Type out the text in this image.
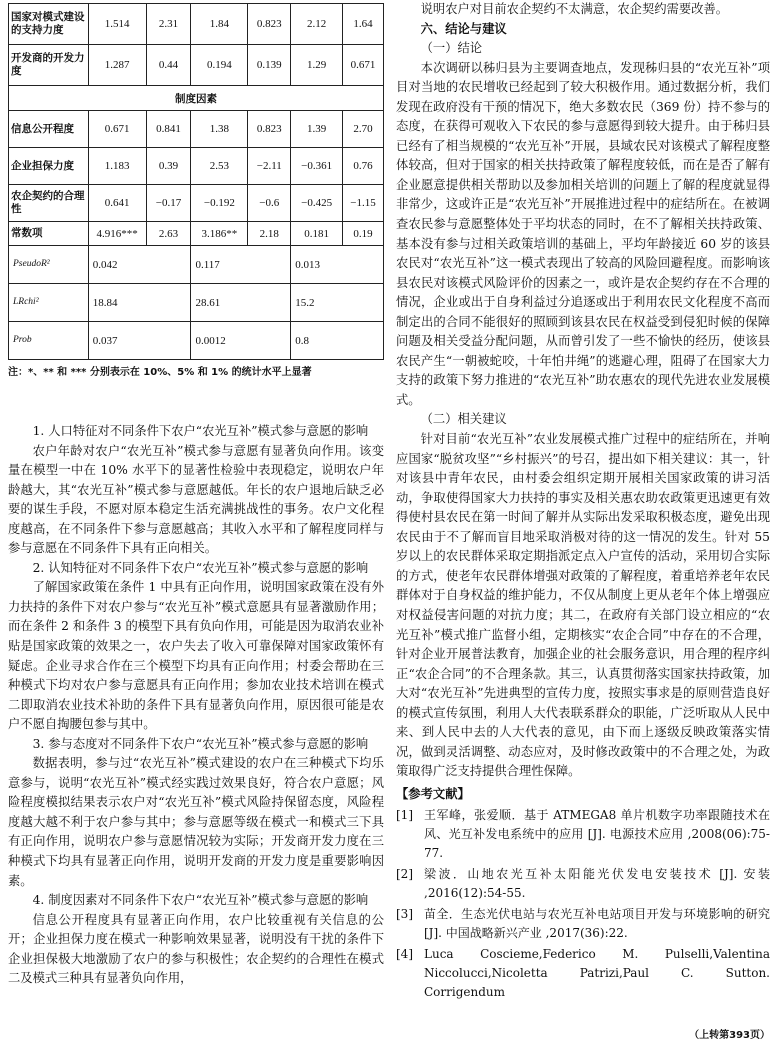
国家对模式建设的支持力度	1.514	2.31	1.84	0.823	2.12	1.64
开发商的开发力度	1.287	0.44	0.194	0.139	1.29	0.671
制度因素						
信息公开程度	0.671	0.841	1.38	0.823	1.39	2.70
企业担保力度	1.183	0.39	2.53	−2.11	−0.361	0.76
农企契约的合理性	0.641	−0.17	−0.192	−0.6	−0.425	−1.15
常数项	4.916***	2.63	3.186**	2.18	0.181	0.19
PseudoR²	0.042		0.117		0.013	
LRchi²	18.84		28.61		15.2	
Prob	0.037		0.0012		0.8	
注：*、** 和 *** 分别表示在 10%、5% 和 1% 的统计水平上显著

1. 人口特征对不同条件下农户“农光互补”模式参与意愿的影响

农户年龄对农户“农光互补”模式参与意愿有显著负向作用。该变量在模型一中在 10% 水平下的显著性检验中表现稳定，说明农户年龄越大，其“农光互补”模式参与意愿越低。年长的农户退地后缺乏必要的谋生手段，不愿对原本稳定生活充满挑战性的事务。农户文化程度越高，在不同条件下参与意愿越高；其收入水平和了解程度同样与参与意愿在不同条件下具有正向相关。

2. 认知特征对不同条件下农户“农光互补”模式参与意愿的影响

了解国家政策在条件 1 中具有正向作用，说明国家政策在没有外力扶持的条件下对农户参与“农光互补”模式意愿具有显著激励作用；而在条件 2 和条件 3 的模型下具有负向作用，可能是因为取消农业补贴是国家政策的效果之一，农户失去了收入可靠保障对国家政策怀有疑虑。企业寻求合作在三个模型下均具有正向作用；村委会帮助在三种模式下均对农户参与意愿具有正向作用；参加农业技术培训在模式二即取消农业技术补助的条件下具有显著负向作用，原因很可能是农户不愿自掏腰包参与其中。

3. 参与态度对不同条件下农户“农光互补”模式参与意愿的影响

数据表明，参与过“农光互补”模式建设的农户在三种模式下均乐意参与，说明“农光互补”模式经实践过效果良好，符合农户意愿；风险程度模拟结果表示农户对“农光互补”模式风险持保留态度，风险程度越大越不利于农户参与其中；参与意愿等级在模式一和模式三下具有正向作用，说明农户参与意愿情况较为实际；开发商开发力度在三种模式下均具有显著正向作用，说明开发商的开发力度是重要影响因素。

4. 制度因素对不同条件下农户“农光互补”模式参与意愿的影响

信息公开程度具有显著正向作用，农户比较重视有关信息的公开；企业担保力度在模式一种影响效果显著，说明没有干扰的条件下企业担保极大地激励了农户的参与积极性；农企契约的合理性在模式二及模式三种具有显著负向作用，

说明农户对目前农企契约不太满意，农企契约需要改善。

六、结论与建议

（一）结论

本次调研以秭归县为主要调查地点，发现秭归县的“农光互补”项目对当地的农民增收已经起到了较大积极作用。通过数据分析，我们发现在政府没有干预的情况下，绝大多数农民（369 份）持不参与的态度，在获得可观收入下农民的参与意愿得到较大提升。由于秭归县已经有了相当规模的“农光互补”开展，县域农民对该模式了解程度整体较高，但对于国家的相关扶持政策了解程度较低，而在是否了解有企业愿意提供相关帮助以及参加相关培训的问题上了解的程度就显得非常少，这或许正是“农光互补”开展推进过程中的症结所在。在被调查农民参与意愿整体处于平均状态的同时，在不了解相关扶持政策、基本没有参与过相关政策培训的基础上，平均年龄接近 60 岁的该县农民对“农光互补”这一模式表现出了较高的风险回避程度。而影响该县农民对该模式风险评价的因素之一，或许是农企契约存在不合理的情况，企业或出于自身利益过分追逐或出于利用农民文化程度不高而制定出的合同不能很好的照顾到该县农民在权益受到侵犯时候的保障问题及相关受益分配问题，从而曾引发了一些不愉快的经历，使该县农民产生“一朝被蛇咬，十年怕井绳”的逃避心理，阻碍了在国家大力支持的政策下努力推进的“农光互补”助农惠农的现代先进农业发展模式。

（二）相关建议

针对目前“农光互补”农业发展模式推广过程中的症结所在，并响应国家“脱贫攻坚”“乡村振兴”的号召，提出如下相关建议：其一，针对该县中青年农民，由村委会组织定期开展相关国家政策的讲习活动，争取使得国家大力扶持的事实及相关惠农助农政策更迅速更有效得使村县农民在第一时间了解并从实际出发采取积极态度，避免出现农民由于不了解而盲目地采取消极对待的这一情况的发生。针对 55 岁以上的农民群体采取定期指派定点入户宣传的活动，采用切合实际的方式，使老年农民群体增强对政策的了解程度，着重培养老年农民群体对于自身权益的维护能力，不仅从制度上更从老年个体上增强应对权益侵害问题的对抗力度；其二，在政府有关部门设立相应的“农光互补”模式推广监督小组，定期核实“农企合同”中存在的不合理，针对企业开展普法教育，加强企业的社会服务意识，用合理的程序纠正“农企合同”的不合理条款。其三，认真贯彻落实国家扶持政策，加大对“农光互补”先进典型的宣传力度，按照实事求是的原则营造良好的模式宣传氛围，利用人大代表联系群众的职能，广泛听取从人民中来、到人民中去的人大代表的意见，由下而上逐级反映政策落实情况，做到灵活调整、动态应对，及时修改政策中的不合理之处，为政策取得广泛支持提供合理性保障。

【参考文献】
[1] 王军峰，张爱顺．基于 ATMEGA8 单片机数字功率跟随技术在风、光互补发电系统中的应用 [J]. 电源技术应用 ,2008(06):75-77.
[2] 梁波．山地农光互补太阳能光伏发电安装技术 [J]. 安装 ,2016(12):54-55.
[3] 苗全．生态光伏电站与农光互补电站项目开发与环境影响的研究 [J]. 中国战略新兴产业 ,2017(36):22.
[4] Luca Coscieme,Federico M. Pulselli,Valentina Niccolucci,Nicoletta Patrizi,Paul C. Sutton. Corrigendum
（上转第393页）
